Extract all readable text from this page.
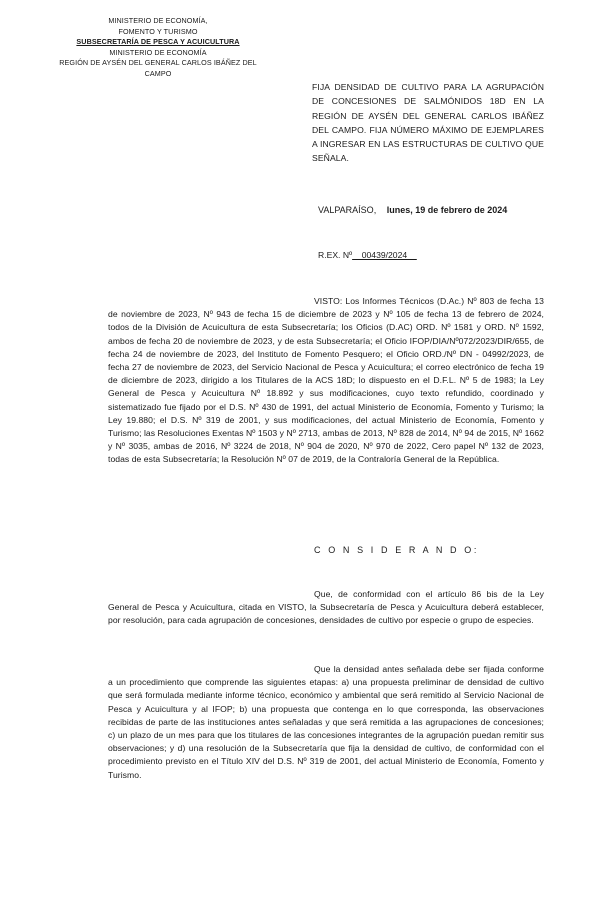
MINISTERIO DE ECONOMÍA,
FOMENTO Y TURISMO
SUBSECRETARÍA DE PESCA Y ACUICULTURA
MINISTERIO DE ECONOMÍA
REGIÓN DE AYSÉN DEL GENERAL CARLOS IBÁÑEZ DEL CAMPO
FIJA DENSIDAD DE CULTIVO PARA LA AGRUPACIÓN DE CONCESIONES DE SALMÓNIDOS 18D EN LA REGIÓN DE AYSÉN DEL GENERAL CARLOS IBÁÑEZ DEL CAMPO. FIJA NÚMERO MÁXIMO DE EJEMPLARES A INGRESAR EN LAS ESTRUCTURAS DE CULTIVO QUE SEÑALA.
VALPARAÍSO, lunes, 19 de febrero de 2024
R.EX. Nº__00439/2024__
VISTO: Los Informes Técnicos (D.Ac.) Nº 803 de fecha 13 de noviembre de 2023, Nº 943 de fecha 15 de diciembre de 2023 y Nº 105 de fecha 13 de febrero de 2024, todos de la División de Acuicultura de esta Subsecretaría; los Oficios (D.AC) ORD. Nº 1581 y ORD. Nº 1592, ambos de fecha 20 de noviembre de 2023, y de esta Subsecretaría; el Oficio IFOP/DIA/Nº072/2023/DIR/655, de fecha 24 de noviembre de 2023, del Instituto de Fomento Pesquero; el Oficio ORD./Nº DN - 04992/2023, de fecha 27 de noviembre de 2023, del Servicio Nacional de Pesca y Acuicultura; el correo electrónico de fecha 19 de diciembre de 2023, dirigido a los Titulares de la ACS 18D; lo dispuesto en el D.F.L. Nº 5 de 1983; la Ley General de Pesca y Acuicultura Nº 18.892 y sus modificaciones, cuyo texto refundido, coordinado y sistematizado fue fijado por el D.S. Nº 430 de 1991, del actual Ministerio de Economía, Fomento y Turismo; la Ley 19.880; el D.S. Nº 319 de 2001, y sus modificaciones, del actual Ministerio de Economía, Fomento y Turismo; las Resoluciones Exentas Nº 1503 y Nº 2713, ambas de 2013, Nº 828 de 2014, Nº 94 de 2015, Nº 1662 y Nº 3035, ambas de 2016, Nº 3224 de 2018, Nº 904 de 2020, Nº 970 de 2022, Cero papel Nº 132 de 2023, todas de esta Subsecretaría; la Resolución Nº 07 de 2019, de la Contraloría General de la República.
C O N S I D E R A N D O:
Que, de conformidad con el artículo 86 bis de la Ley General de Pesca y Acuicultura, citada en VISTO, la Subsecretaría de Pesca y Acuicultura deberá establecer, por resolución, para cada agrupación de concesiones, densidades de cultivo por especie o grupo de especies.
Que la densidad antes señalada debe ser fijada conforme a un procedimiento que comprende las siguientes etapas: a) una propuesta preliminar de densidad de cultivo que será formulada mediante informe técnico, económico y ambiental que será remitido al Servicio Nacional de Pesca y Acuicultura y al IFOP; b) una propuesta que contenga en lo que corresponda, las observaciones recibidas de parte de las instituciones antes señaladas y que será remitida a las agrupaciones de concesiones; c) un plazo de un mes para que los titulares de las concesiones integrantes de la agrupación puedan remitir sus observaciones; y d) una resolución de la Subsecretaría que fija la densidad de cultivo, de conformidad con el procedimiento previsto en el Título XIV del D.S. Nº 319 de 2001, del actual Ministerio de Economía, Fomento y Turismo.
